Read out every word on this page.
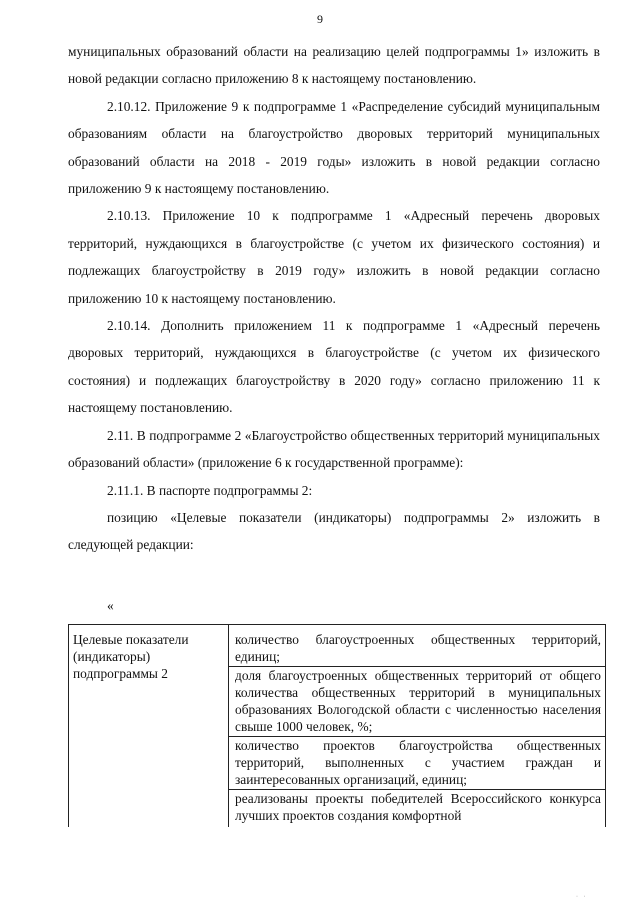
9

муниципальных образований области на реализацию целей подпрограммы 1» изложить в новой редакции согласно приложению 8 к настоящему постановлению.

2.10.12. Приложение 9 к подпрограмме 1 «Распределение субсидий муниципальным образованиям области на благоустройство дворовых территорий муниципальных образований области на 2018 - 2019 годы» изложить в новой редакции согласно приложению 9 к настоящему постановлению.

2.10.13. Приложение 10 к подпрограмме 1 «Адресный перечень дворовых территорий, нуждающихся в благоустройстве (с учетом их физического состояния) и подлежащих благоустройству в 2019 году» изложить в новой редакции согласно приложению 10 к настоящему постановлению.

2.10.14. Дополнить приложением 11 к подпрограмме 1 «Адресный перечень дворовых территорий, нуждающихся в благоустройстве (с учетом их физического состояния) и подлежащих благоустройству в 2020 году» согласно приложению 11 к настоящему постановлению.

2.11. В подпрограмме 2 «Благоустройство общественных территорий муниципальных образований области» (приложение 6 к государственной программе):

2.11.1. В паспорте подпрограммы 2:

позицию «Целевые показатели (индикаторы) подпрограммы 2» изложить в следующей редакции:

«
Целевые показатели (индикаторы) подпрограммы 2
количество благоустроенных общественных территорий, единиц;
доля благоустроенных общественных территорий от общего количества общественных территорий в муниципальных образованиях Вологодской области с численностью населения свыше 1000 человек, %;
количество проектов благоустройства общественных территорий, выполненных с участием граждан и заинтересованных организаций, единиц;
реализованы проекты победителей Всероссийского конкурса лучших проектов создания комфортной
· ·
